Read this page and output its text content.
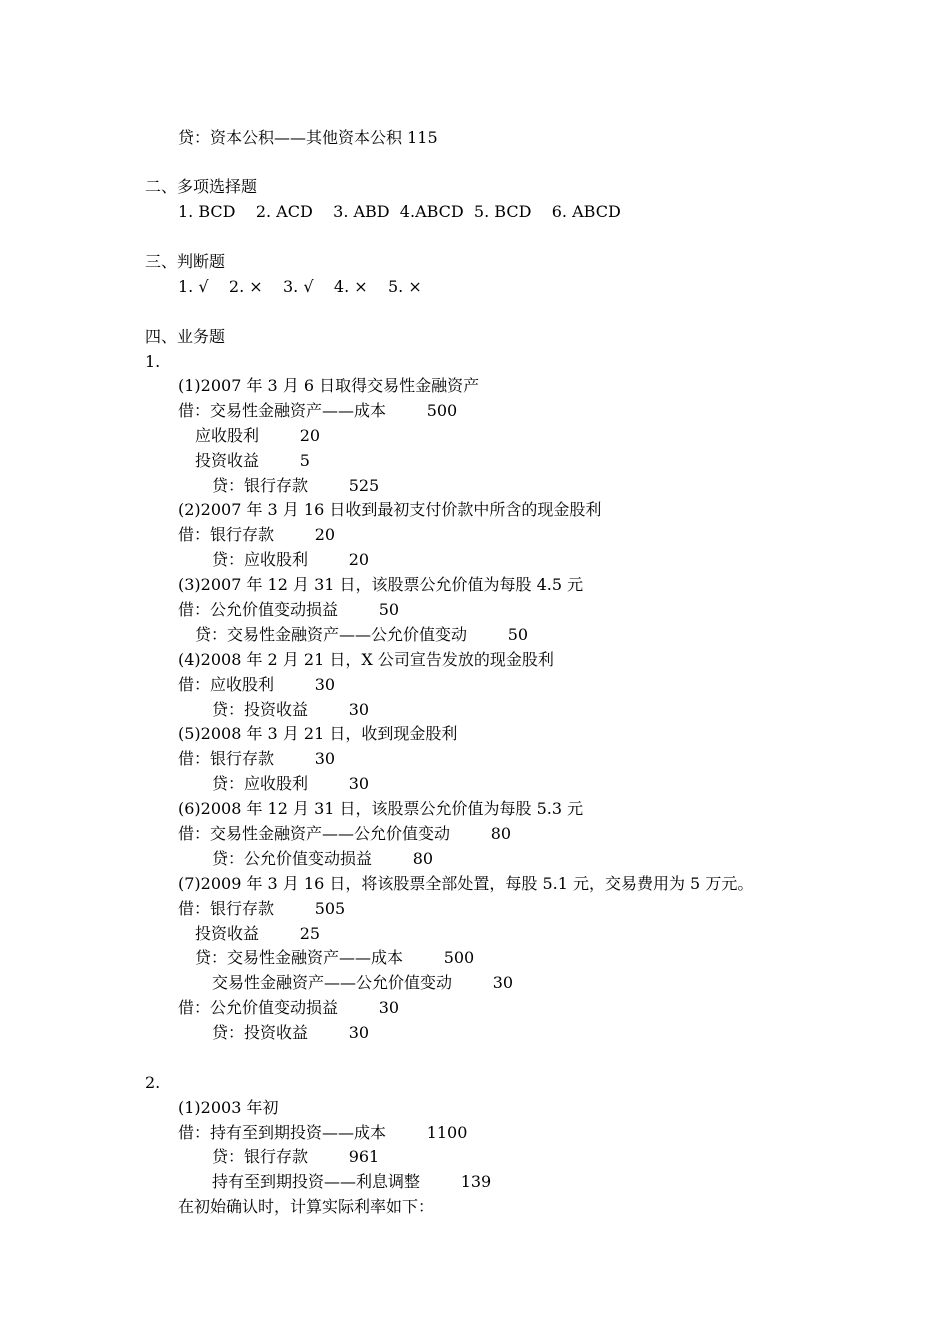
贷：资本公积——其他资本公积 115
二、多项选择题
1. BCD    2. ACD    3. ABD  4.ABCD  5. BCD    6. ABCD
三、判断题
1. √    2. ×    3. √    4. ×    5. ×
四、业务题
1.
(1)2007 年 3 月 6 日取得交易性金融资产
借：交易性金融资产——成本        500
应收股利        20
投资收益        5
贷：银行存款        525
(2)2007 年 3 月 16 日收到最初支付价款中所含的现金股利
借：银行存款        20
贷：应收股利        20
(3)2007 年 12 月 31 日，该股票公允价值为每股 4.5 元
借：公允价值变动损益        50
贷：交易性金融资产——公允价值变动        50
(4)2008 年 2 月 21 日，X 公司宣告发放的现金股利
借：应收股利        30
贷：投资收益        30
(5)2008 年 3 月 21 日，收到现金股利
借：银行存款        30
贷：应收股利        30
(6)2008 年 12 月 31 日，该股票公允价值为每股 5.3 元
借：交易性金融资产——公允价值变动        80
贷：公允价值变动损益        80
(7)2009 年 3 月 16 日，将该股票全部处置，每股 5.1 元，交易费用为 5 万元。
借：银行存款        505
投资收益        25
贷：交易性金融资产——成本        500
交易性金融资产——公允价值变动        30
借：公允价值变动损益        30
贷：投资收益        30
2.
(1)2003 年初
借：持有至到期投资——成本        1100
贷：银行存款        961
持有至到期投资——利息调整        139
在初始确认时，计算实际利率如下：
